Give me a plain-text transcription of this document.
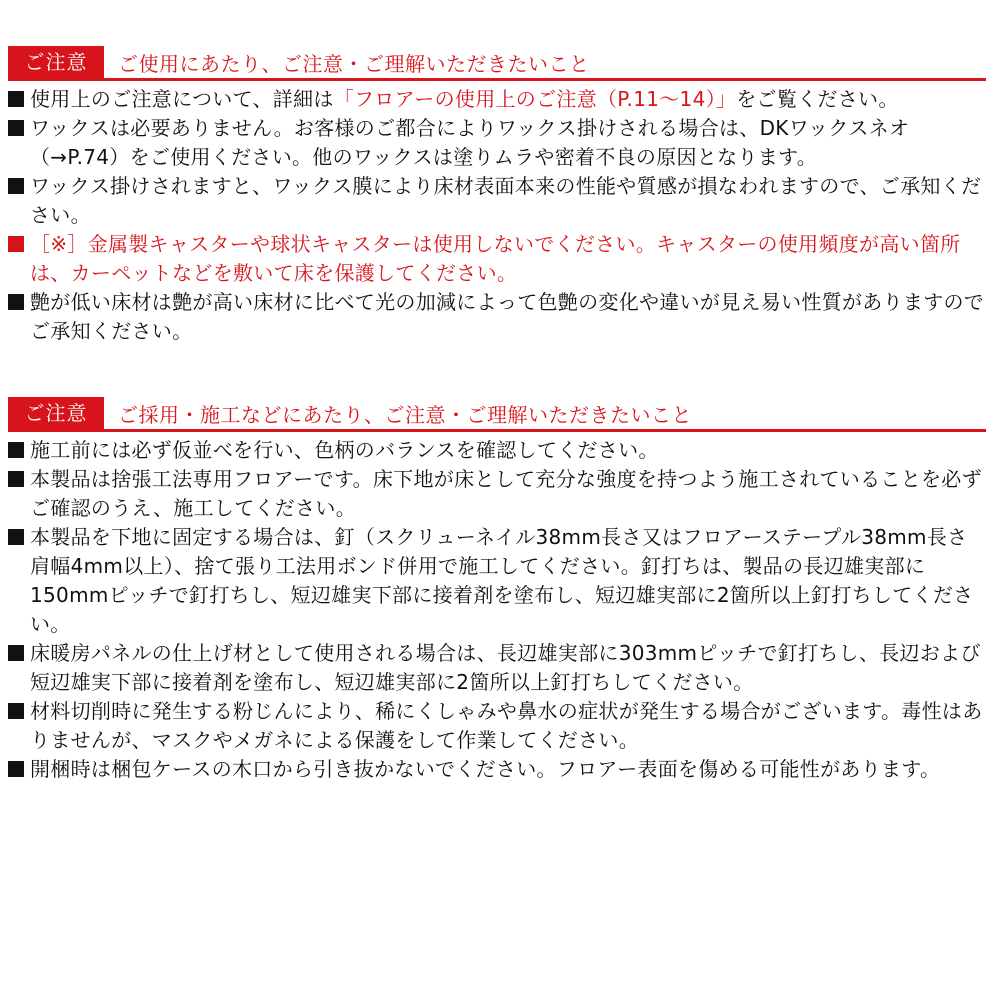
ご注意	ご使用にあたり、ご注意・ご理解いただきたいこと
使用上のご注意について、詳細は「フロアーの使用上のご注意（P.11〜14）」をご覧ください。
ワックスは必要ありません。お客様のご都合によりワックス掛けされる場合は、DKワックスネオ（→P.74）をご使用ください。他のワックスは塗りムラや密着不良の原因となります。
ワックス掛けされますと、ワックス膜により床材表面本来の性能や質感が損なわれますので、ご承知ください。
［※］金属製キャスターや球状キャスターは使用しないでください。キャスターの使用頻度が高い箇所は、カーペットなどを敷いて床を保護してください。
艶が低い床材は艶が高い床材に比べて光の加減によって色艶の変化や違いが見え易い性質がありますのでご承知ください。
ご注意	ご採用・施工などにあたり、ご注意・ご理解いただきたいこと
施工前には必ず仮並べを行い、色柄のバランスを確認してください。
本製品は捨張工法専用フロアーです。床下地が床として充分な強度を持つよう施工されていることを必ずご確認のうえ、施工してください。
本製品を下地に固定する場合は、釘（スクリューネイル38mm長さ又はフロアーステープル38mm長さ肩幅4mm以上）、捨て張り工法用ボンド併用で施工してください。釘打ちは、製品の長辺雄実部に150mmピッチで釘打ちし、短辺雄実下部に接着剤を塗布し、短辺雄実部に2箇所以上釘打ちしてください。
床暖房パネルの仕上げ材として使用される場合は、長辺雄実部に303mmピッチで釘打ちし、長辺および短辺雄実下部に接着剤を塗布し、短辺雄実部に2箇所以上釘打ちしてください。
材料切削時に発生する粉じんにより、稀にくしゃみや鼻水の症状が発生する場合がございます。毒性はありませんが、マスクやメガネによる保護をして作業してください。
開梱時は梱包ケースの木口から引き抜かないでください。フロアー表面を傷める可能性があります。
